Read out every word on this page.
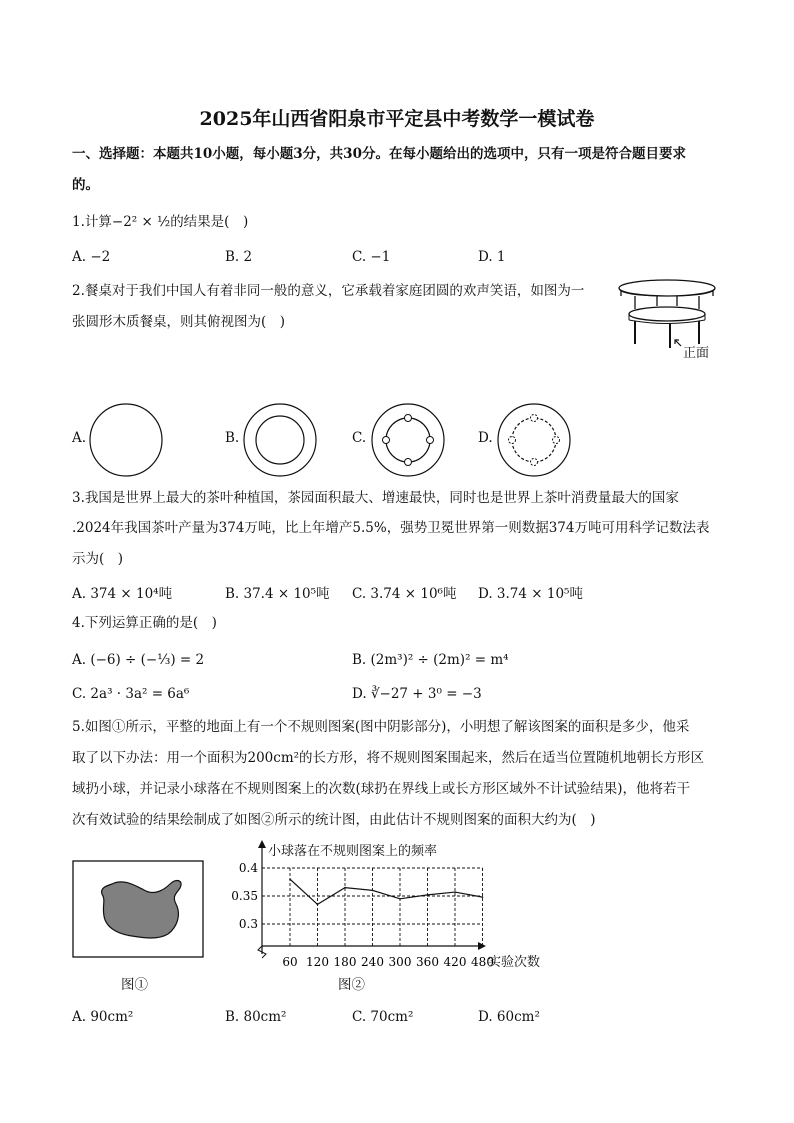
2025年山西省阳泉市平定县中考数学一模试卷
一、选择题：本题共10小题，每小题3分，共30分。在每小题给出的选项中，只有一项是符合题目要求
的。
1.计算−2² × ½的结果是(　)
A. −2	B. 2	C. −1	D. 1
2.餐桌对于我们中国人有着非同一般的意义，它承载着家庭团圆的欢声笑语，如图为一
张圆形木质餐桌，则其俯视图为(　)
正面
A.	B.	C.	D.
3.我国是世界上最大的茶叶种植国，茶园面积最大、增速最快，同时也是世界上茶叶消费量最大的国家
.2024年我国茶叶产量为374万吨，比上年增产5.5%，强势卫冕世界第一则数据374万吨可用科学记数法表
示为(　)
A. 374 × 10⁴吨	B. 37.4 × 10⁵吨 C. 3.74 × 10⁶吨 D. 3.74 × 10⁵吨
4.下列运算正确的是(　)
A. (−6) ÷ (−⅓) = 2	B. (2m³)² ÷ (2m)² = m⁴
C. 2a³ · 3a² = 6a⁶	D. ∛−27 + 3⁰ = −3
5.如图①所示，平整的地面上有一个不规则图案(图中阴影部分)，小明想了解该图案的面积是多少，他采
取了以下办法：用一个面积为200cm²的长方形，将不规则图案围起来，然后在适当位置随机地朝长方形区
域扔小球，并记录小球落在不规则图案上的次数(球扔在界线上或长方形区域外不计试验结果)，他将若干
次有效试验的结果绘制成了如图②所示的统计图，由此估计不规则图案的面积大约为(　)
图①
小球落在不规则图案上的频率
实验次数
0.4
0.35
0.3
60 120 180 240 300 360 420 480
图②
A. 90cm²	B. 80cm²	C. 70cm²	D. 60cm²
